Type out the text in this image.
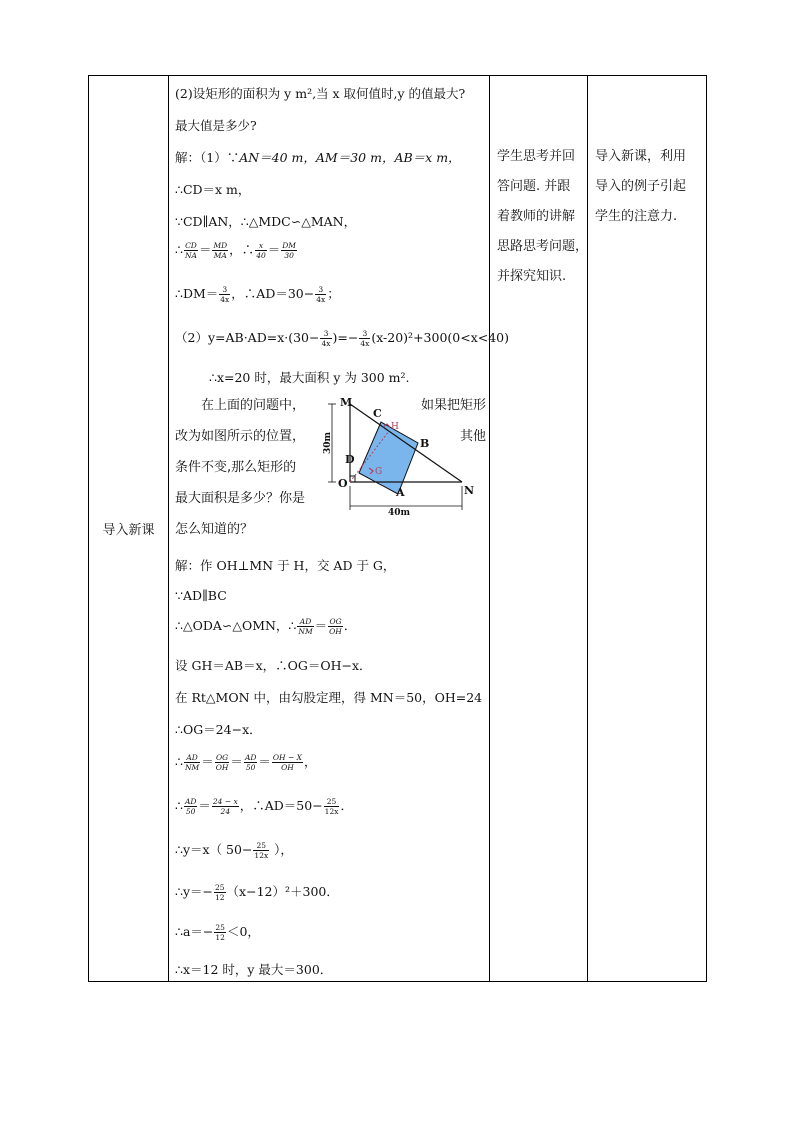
导入新课
学生思考并回
答问题. 并跟
着教师的讲解
思路思考问题，
并探究知识.
导入新课，利用
导入的例子引起
学生的注意力.
(2)设矩形的面积为 y m²,当 x 取何值时,y 的值最大?
最大值是多少?
解：（1）∵AN＝40 m，AM＝30 m，AB＝x m，
∴CD＝x m，
∵CD∥AN，∴△MDC∽△MAN，
∴ $\frac{CD}{NA} = \frac{MD}{MA}$ ，∴ $\frac{x}{40} = \frac{DM}{30}$
∴DM＝ $\frac{3}{4x}$ ，∴AD＝30− $\frac{3}{4x}$ ；
$(2)y=AB\cdot AD=x\cdot(30- \frac{3}{4x}$ )=− $\frac{3}{4x} (x-20)^2+300(0<x<40)$
∴x=20 时，最大面积 y 为 300 m².
在上面的问题中，
改为如图所示的位置，
条件不变,那么矩形的
最大面积是多少？你是
怎么知道的？
如果把矩形
其他
M
C
B
D
O
A	N
40m
30m
H
G
解：作 OH⊥MN 于 H，交 AD 于 G，
∵AD∥BC
∴△ODA∽△OMN，∴ $\frac{AD}{NM} = \frac{OG}{OH}$ ．
设 GH＝AB＝x，∴OG＝OH−x．
在 Rt△MON 中，由勾股定理，得 MN＝50，OH=24
∴OG＝24−x．
∴ $\frac{AD}{NM} = \frac{OG}{OH} = \frac{AD}{50} = \frac{OH - X}{OH}$ ，
∴ $\frac{AD}{50} = \frac{24 - x}{24}$ ，∴AD＝50− $\frac{25}{12x}$ ．
∴y＝x（ $50- \frac{25}{12x}$ ），
∴y＝− $\frac{25}{12} (x-12)^2+300$．
∴a＝− $\frac{25}{12} <0$，
∴x＝12 时，y 最大＝300．
